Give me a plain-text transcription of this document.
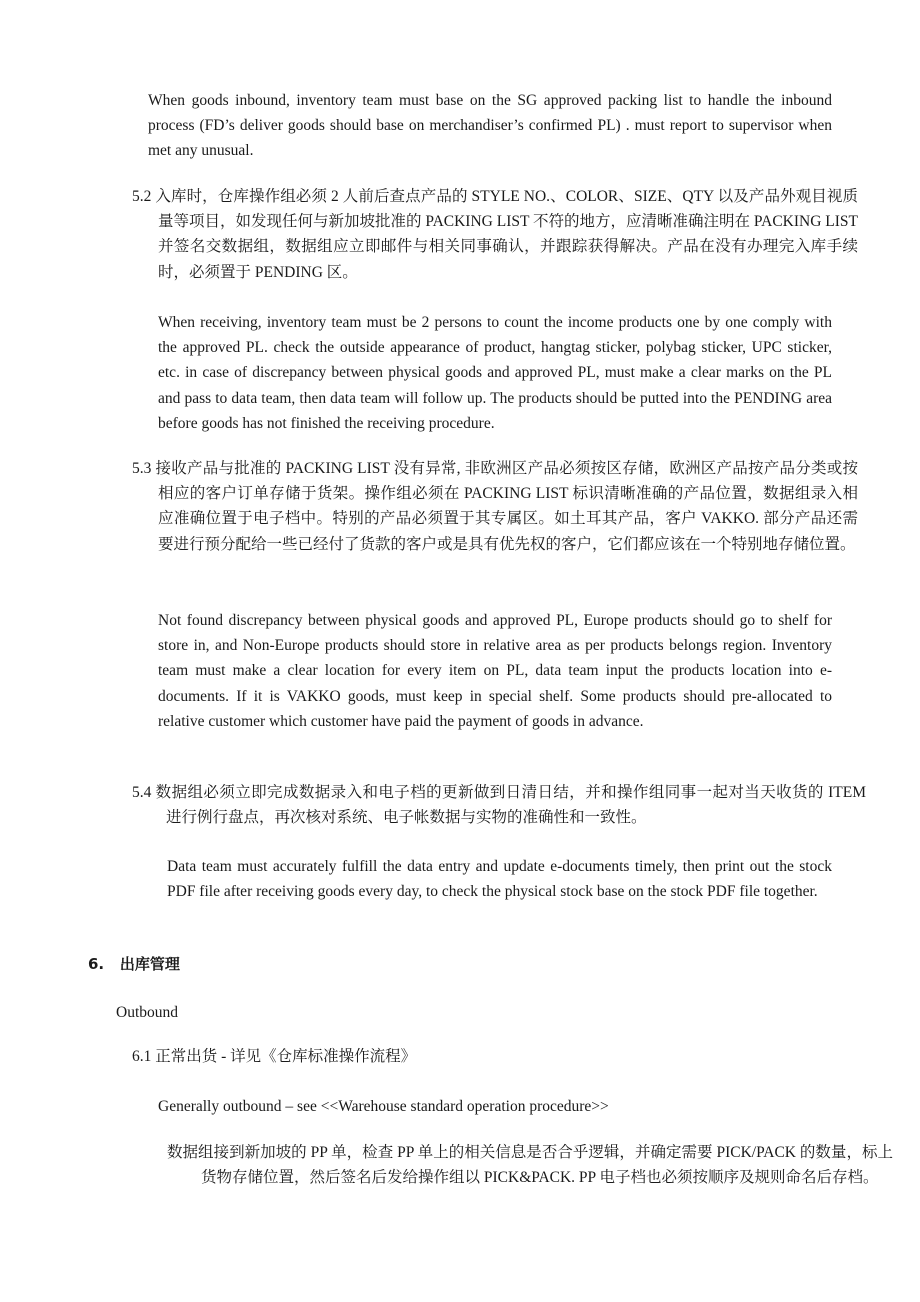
When goods inbound, inventory team must base on the SG approved packing list to handle the inbound process (FD’s deliver goods should base on merchandiser’s confirmed PL) . must report to supervisor when met any unusual.

5.2 入库时，仓库操作组必须 2 人前后查点产品的 STYLE NO.、COLOR、SIZE、QTY 以及产品外观目视质量等项目，如发现任何与新加坡批准的 PACKING LIST 不符的地方，应清晰准确注明在 PACKING LIST 并签名交数据组，数据组应立即邮件与相关同事确认，并跟踪获得解决。产品在没有办理完入库手续时，必须置于 PENDING 区。

When receiving, inventory team must be 2 persons to count the income products one by one comply with the approved PL. check the outside appearance of product, hangtag sticker, polybag sticker, UPC sticker, etc. in case of discrepancy between physical goods and approved PL, must make a clear marks on the PL and pass to data team, then data team will follow up. The products should be putted into the PENDING area before goods has not finished the receiving procedure.

5.3 接收产品与批准的 PACKING LIST 没有异常, 非欧洲区产品必须按区存储，欧洲区产品按产品分类或按相应的客户订单存储于货架。操作组必须在 PACKING LIST 标识清晰准确的产品位置，数据组录入相应准确位置于电子档中。特别的产品必须置于其专属区。如土耳其产品，客户 VAKKO. 部分产品还需要进行预分配给一些已经付了货款的客户或是具有优先权的客户，它们都应该在一个特别地存储位置。

Not found discrepancy between physical goods and approved PL, Europe products should go to shelf for store in, and Non-Europe products should store in relative area as per products belongs region. Inventory team must make a clear location for every item on PL, data team input the products location into e-documents. If it is VAKKO goods, must keep in special shelf. Some products should pre-allocated to relative customer which customer have paid the payment of goods in advance.

5.4 数据组必须立即完成数据录入和电子档的更新做到日清日结，并和操作组同事一起对当天收货的 ITEM 进行例行盘点，再次核对系统、电子帐数据与实物的准确性和一致性。

Data team must accurately fulfill the data entry and update e-documents timely, then print out the stock PDF file after receiving goods every day, to check the physical stock base on the stock PDF file together.

6. 出库管理
Outbound
6.1 正常出货 - 详见《仓库标准操作流程》
Generally outbound – see <<Warehouse standard operation procedure>>

数据组接到新加坡的 PP 单，检查 PP 单上的相关信息是否合乎逻辑，并确定需要 PICK/PACK 的数量，标上货物存储位置，然后签名后发给操作组以 PICK&PACK. PP 电子档也必须按顺序及规则命名后存档。
